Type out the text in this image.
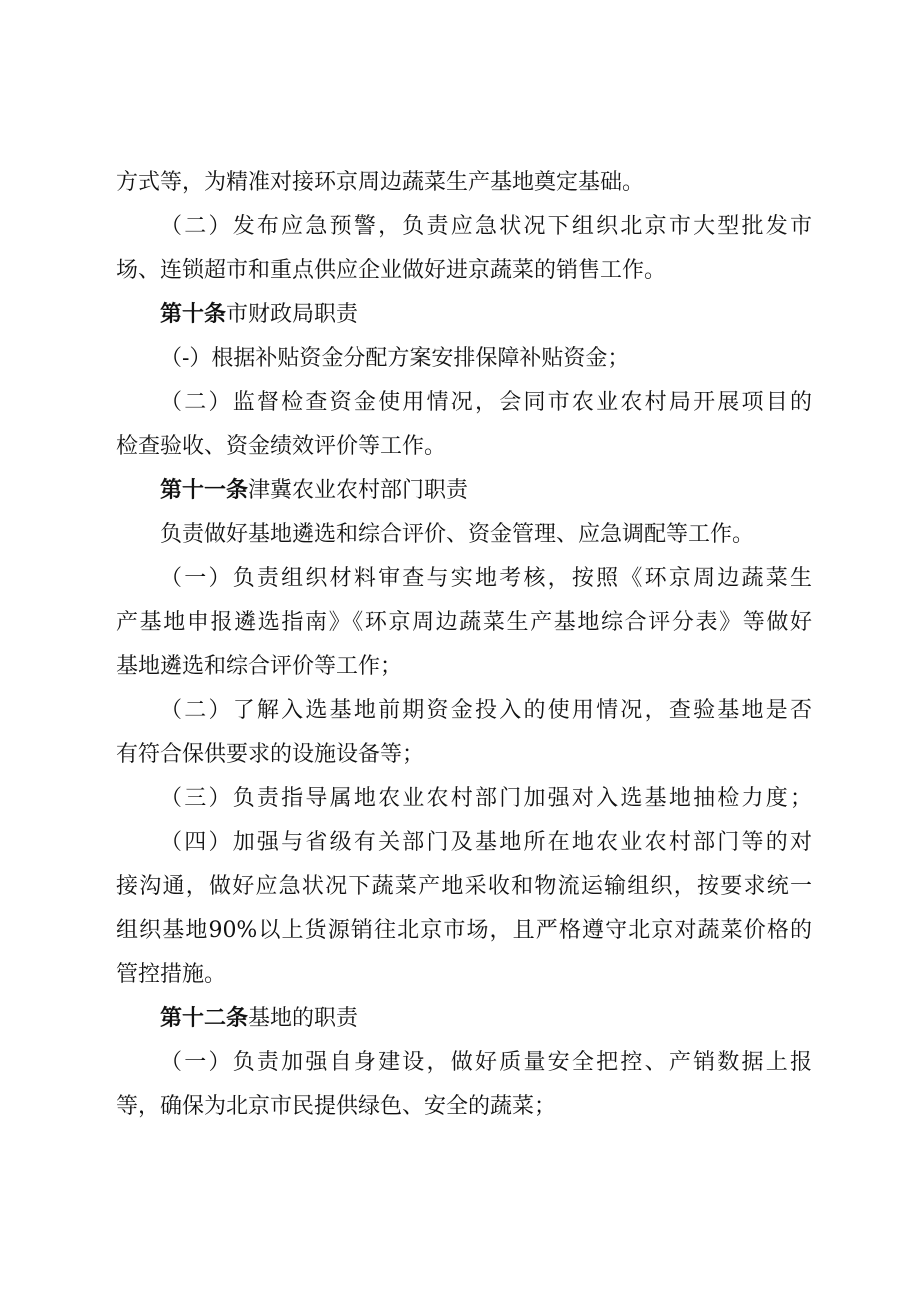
方式等，为精准对接环京周边蔬菜生产基地奠定基础。
（二）发布应急预警，负责应急状况下组织北京市大型批发市
场、连锁超市和重点供应企业做好进京蔬菜的销售工作。
第十条市财政局职责
（-）根据补贴资金分配方案安排保障补贴资金；
（二）监督检查资金使用情况，会同市农业农村局开展项目的
检查验收、资金绩效评价等工作。
第十一条津冀农业农村部门职责
负责做好基地遴选和综合评价、资金管理、应急调配等工作。
（一）负责组织材料审查与实地考核，按照《环京周边蔬菜生
产基地申报遴选指南》《环京周边蔬菜生产基地综合评分表》等做好
基地遴选和综合评价等工作；
（二）了解入选基地前期资金投入的使用情况，查验基地是否
有符合保供要求的设施设备等；
（三）负责指导属地农业农村部门加强对入选基地抽检力度；
（四）加强与省级有关部门及基地所在地农业农村部门等的对
接沟通，做好应急状况下蔬菜产地采收和物流运输组织，按要求统一
组织基地90%以上货源销往北京市场，且严格遵守北京对蔬菜价格的
管控措施。
第十二条基地的职责
（一）负责加强自身建设，做好质量安全把控、产销数据上报
等，确保为北京市民提供绿色、安全的蔬菜；
